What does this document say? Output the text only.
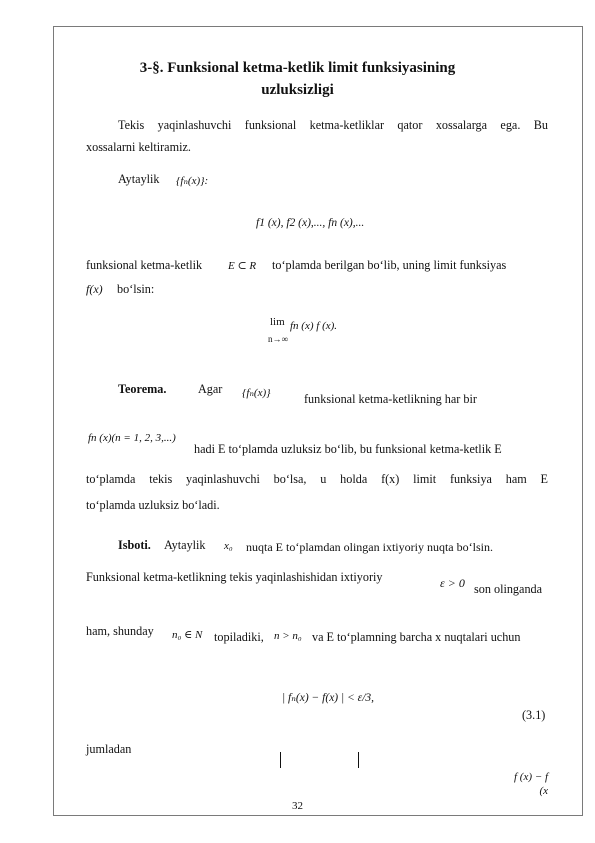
3-§. Funksional ketma-ketlik limit funksiyasining
uzluksizligi
Tekis yaqinlashuvchi funksional ketma-ketliklar qator xossalarga ega. Bu
xossalarni keltiramiz.
Aytaylik {fₙ(x)}:
f1 (x), f2 (x),..., fn (x),...
funksional ketma-ketlik E ⊂ R to‘plamda berilgan bo‘lib, uning limit funksiyas
f(x) bo‘lsin:
lim fn (x) f (x).
n→∞
Teorema.	Agar {fₙ(x)}	funksional ketma-ketlikning har bir
fn (x)(n = 1, 2, 3,...)
hadi E to‘plamda uzluksiz bo‘lib, bu funksional ketma-ketlik E
to‘plamda tekis yaqinlashuvchi bo‘lsa, u holda f(x) limit funksiya ham E
to‘plamda uzluksiz bo‘ladi.
Isboti. Aytaylik x₀ nuqta E to‘plamdan olingan ixtiyoriy nuqta bo‘lsin.
Funksional ketma-ketlikning tekis yaqinlashishidan ixtiyoriy	ε > 0 son olinganda
ham, shunday n₀ ∈ N topiladiki, n > n₀ va E to‘plamning barcha x nuqtalari uchun
| fₙ(x) − f(x) | < ε/3,
(3.1)
jumladan
f (x) − f (x
32
